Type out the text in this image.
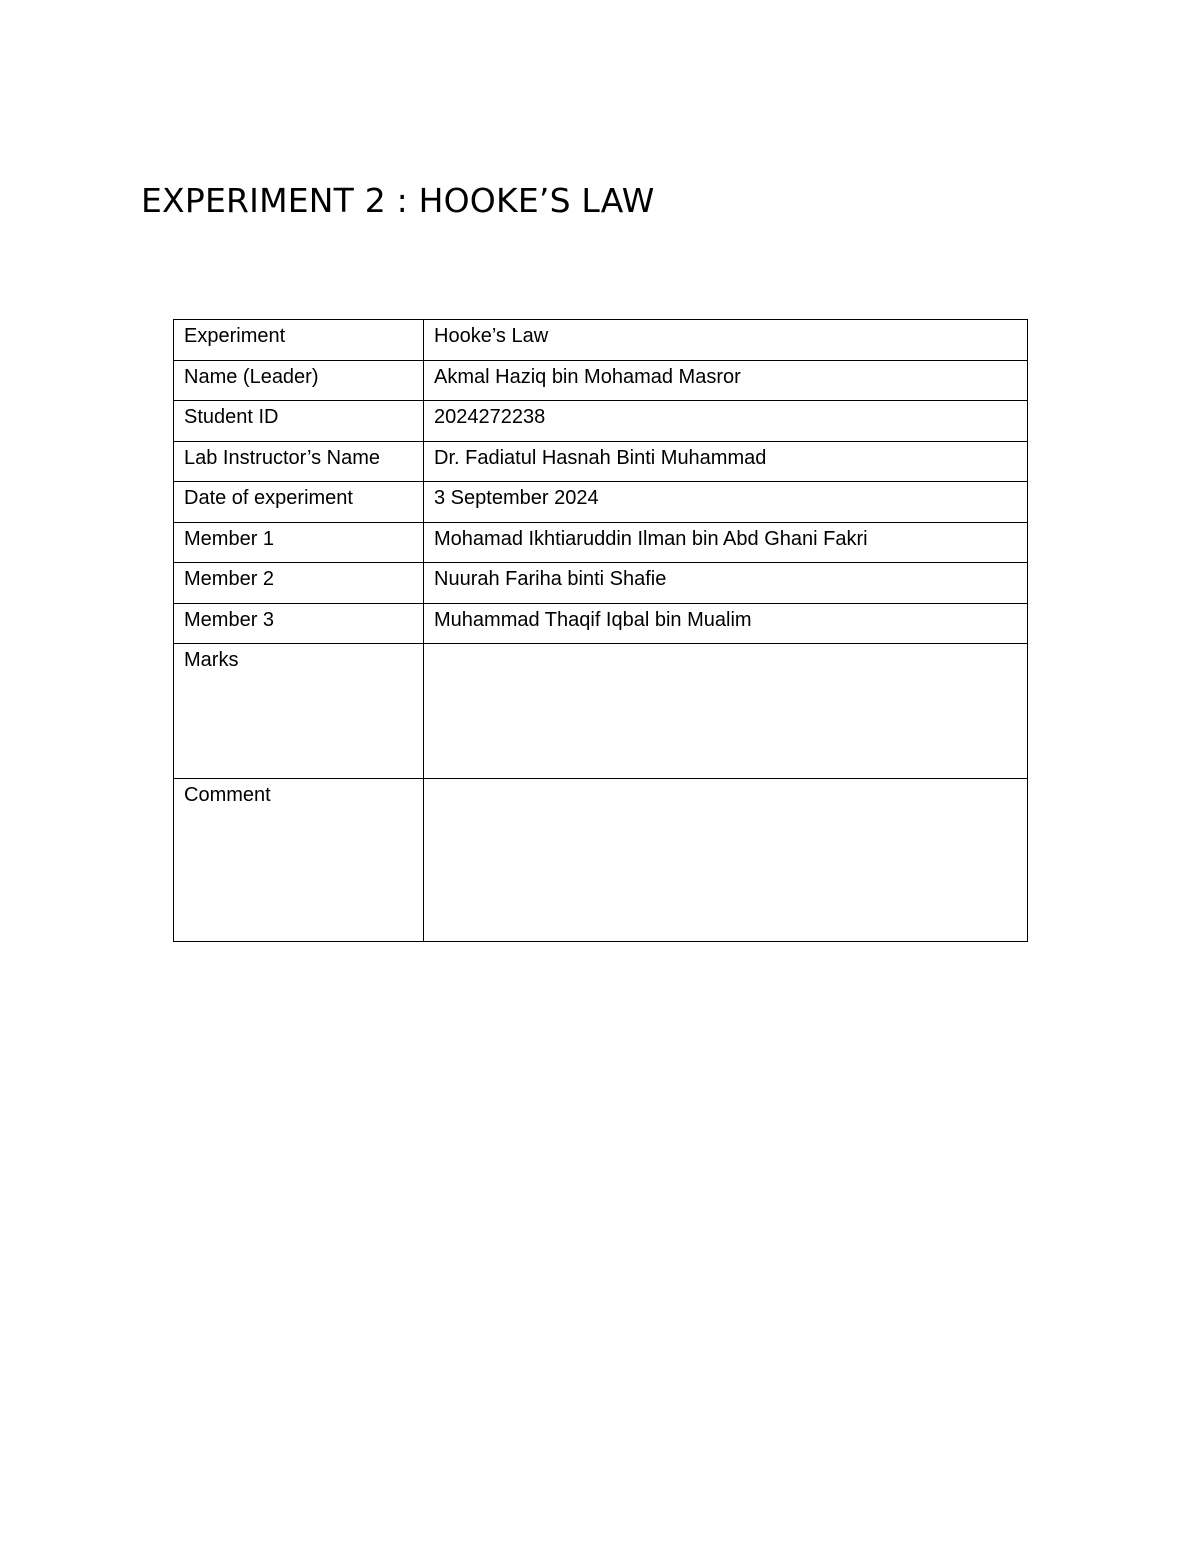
EXPERIMENT 2 : HOOKE’S LAW
Experiment	Hooke’s Law
Name (Leader)	Akmal Haziq bin Mohamad Masror
Student ID	2024272238
Lab Instructor’s Name	Dr. Fadiatul Hasnah Binti Muhammad
Date of experiment	3 September 2024
Member 1	Mohamad Ikhtiaruddin Ilman bin Abd Ghani Fakri
Member 2	Nuurah Fariha binti Shafie
Member 3	Muhammad Thaqif Iqbal bin Mualim
Marks	
Comment	
